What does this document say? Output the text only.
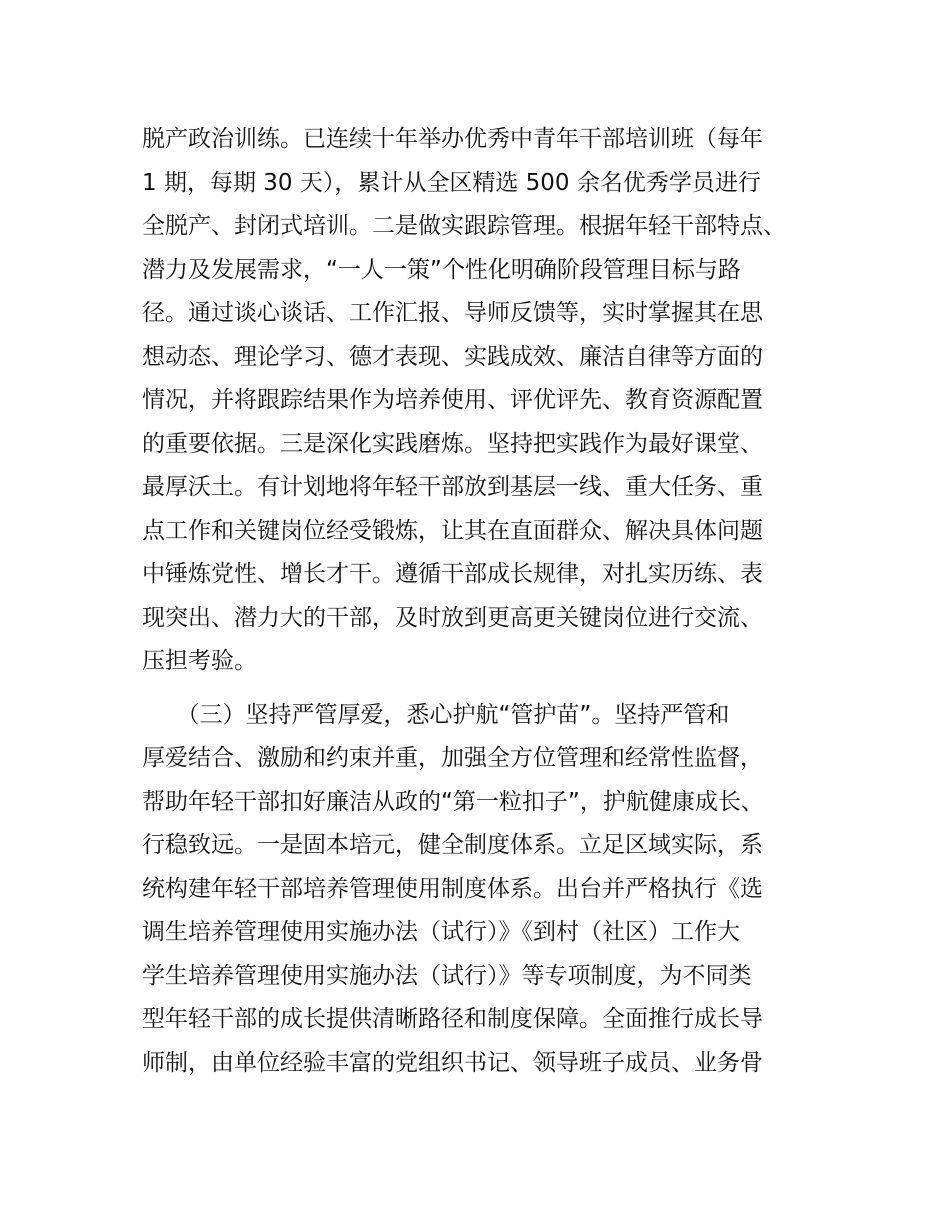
脱产政治训练。已连续十年举办优秀中青年干部培训班（每年
1 期，每期 30 天），累计从全区精选 500 余名优秀学员进行
全脱产、封闭式培训。二是做实跟踪管理。根据年轻干部特点、
潜力及发展需求，“一人一策”个性化明确阶段管理目标与路
径。通过谈心谈话、工作汇报、导师反馈等，实时掌握其在思
想动态、理论学习、德才表现、实践成效、廉洁自律等方面的
情况，并将跟踪结果作为培养使用、评优评先、教育资源配置
的重要依据。三是深化实践磨炼。坚持把实践作为最好课堂、
最厚沃土。有计划地将年轻干部放到基层一线、重大任务、重
点工作和关键岗位经受锻炼，让其在直面群众、解决具体问题
中锤炼党性、增长才干。遵循干部成长规律，对扎实历练、表
现突出、潜力大的干部，及时放到更高更关键岗位进行交流、
压担考验。
　　（三）坚持严管厚爱，悉心护航“管护苗”。坚持严管和
厚爱结合、激励和约束并重，加强全方位管理和经常性监督，
帮助年轻干部扣好廉洁从政的“第一粒扣子”，护航健康成长、
行稳致远。一是固本培元，健全制度体系。立足区域实际，系
统构建年轻干部培养管理使用制度体系。出台并严格执行《选
调生培养管理使用实施办法（试行）》《到村（社区）工作大
学生培养管理使用实施办法（试行）》等专项制度，为不同类
型年轻干部的成长提供清晰路径和制度保障。全面推行成长导
师制，由单位经验丰富的党组织书记、领导班子成员、业务骨
